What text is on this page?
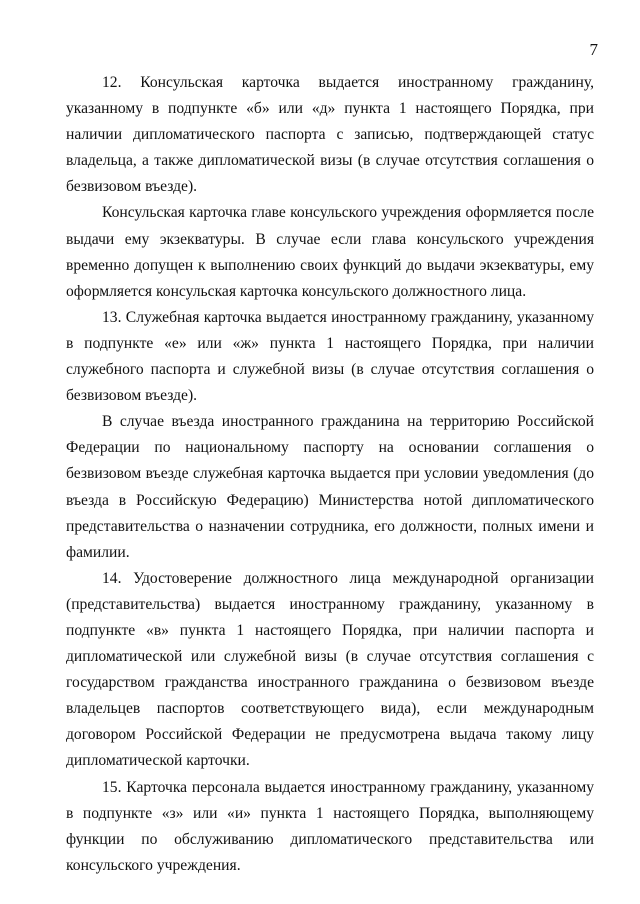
7

12. Консульская карточка выдается иностранному гражданину, указанному в подпункте «б» или «д» пункта 1 настоящего Порядка, при наличии дипломатического паспорта с записью, подтверждающей статус владельца, а также дипломатической визы (в случае отсутствия соглашения о безвизовом въезде).

Консульская карточка главе консульского учреждения оформляется после выдачи ему экзекватуры. В случае если глава консульского учреждения временно допущен к выполнению своих функций до выдачи экзекватуры, ему оформляется консульская карточка консульского должностного лица.

13. Служебная карточка выдается иностранному гражданину, указанному в подпункте «е» или «ж» пункта 1 настоящего Порядка, при наличии служебного паспорта и служебной визы (в случае отсутствия соглашения о безвизовом въезде).

В случае въезда иностранного гражданина на территорию Российской Федерации по национальному паспорту на основании соглашения о безвизовом въезде служебная карточка выдается при условии уведомления (до въезда в Российскую Федерацию) Министерства нотой дипломатического представительства о назначении сотрудника, его должности, полных имени и фамилии.

14. Удостоверение должностного лица международной организации (представительства) выдается иностранному гражданину, указанному в подпункте «в» пункта 1 настоящего Порядка, при наличии паспорта и дипломатической или служебной визы (в случае отсутствия соглашения с государством гражданства иностранного гражданина о безвизовом въезде владельцев паспортов соответствующего вида), если международным договором Российской Федерации не предусмотрена выдача такому лицу дипломатической карточки.

15. Карточка персонала выдается иностранному гражданину, указанному в подпункте «з» или «и» пункта 1 настоящего Порядка, выполняющему функции по обслуживанию дипломатического представительства или консульского учреждения.
